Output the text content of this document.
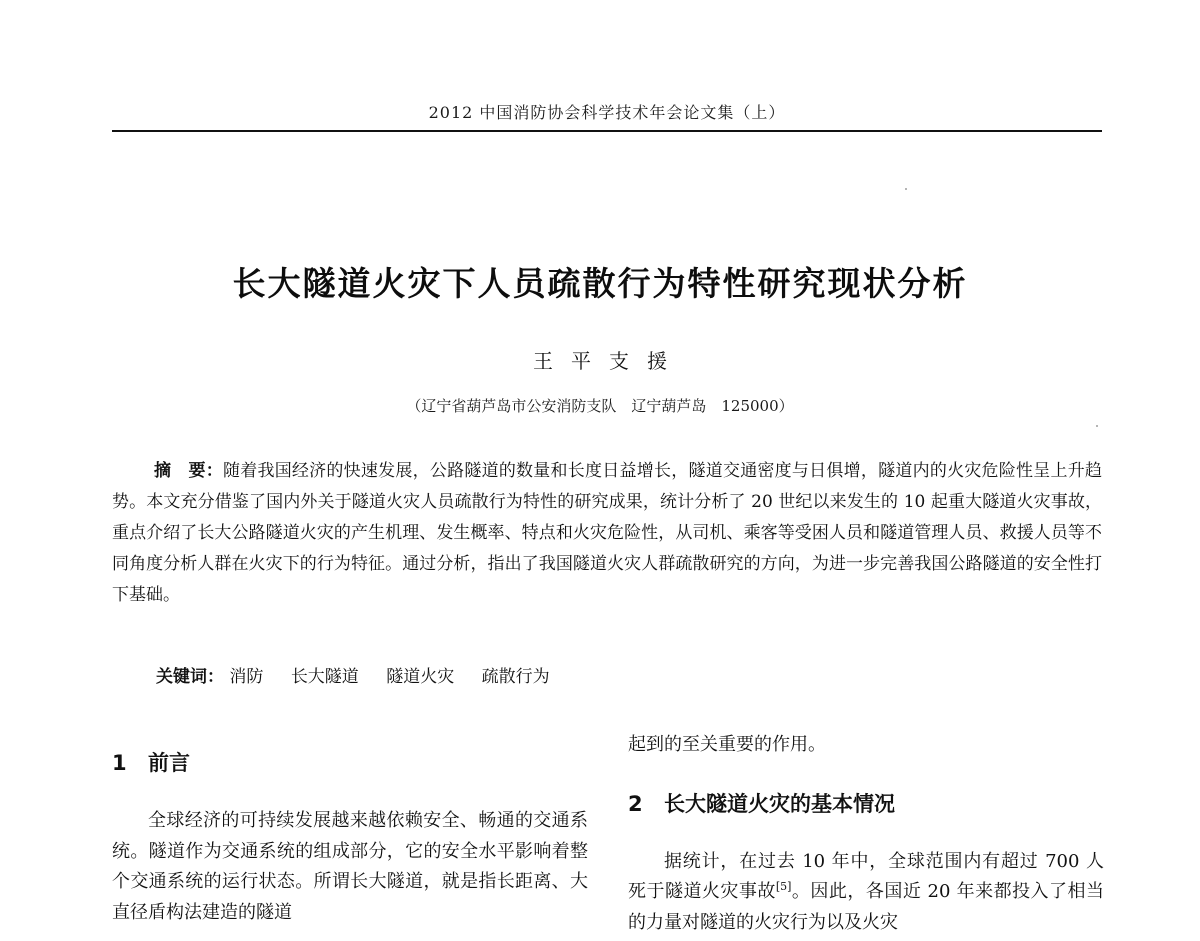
2012 中国消防协会科学技术年会论文集（上）
长大隧道火灾下人员疏散行为特性研究现状分析
王平支援
（辽宁省葫芦岛市公安消防支队　辽宁葫芦岛　125000）
摘　要：随着我国经济的快速发展，公路隧道的数量和长度日益增长，隧道交通密度与日俱增，隧道内的火灾危险性呈上升趋势。本文充分借鉴了国内外关于隧道火灾人员疏散行为特性的研究成果，统计分析了 20 世纪以来发生的 10 起重大隧道火灾事故，重点介绍了长大公路隧道火灾的产生机理、发生概率、特点和火灾危险性，从司机、乘客等受困人员和隧道管理人员、救援人员等不同角度分析人群在火灾下的行为特征。通过分析，指出了我国隧道火灾人群疏散研究的方向，为进一步完善我国公路隧道的安全性打下基础。
关键词： 消防 长大隧道 隧道火灾 疏散行为
1 前言

全球经济的可持续发展越来越依赖安全、畅通的交通系统。隧道作为交通系统的组成部分，它的安全水平影响着整个交通系统的运行状态。所谓长大隧道，就是指长距离、大直径盾构法建造的隧道

起到的至关重要的作用。

2 长大隧道火灾的基本情况

据统计，在过去 10 年中，全球范围内有超过 700 人死于隧道火灾事故[5]。因此，各国近 20 年来都投入了相当的力量对隧道的火灾行为以及火灾
